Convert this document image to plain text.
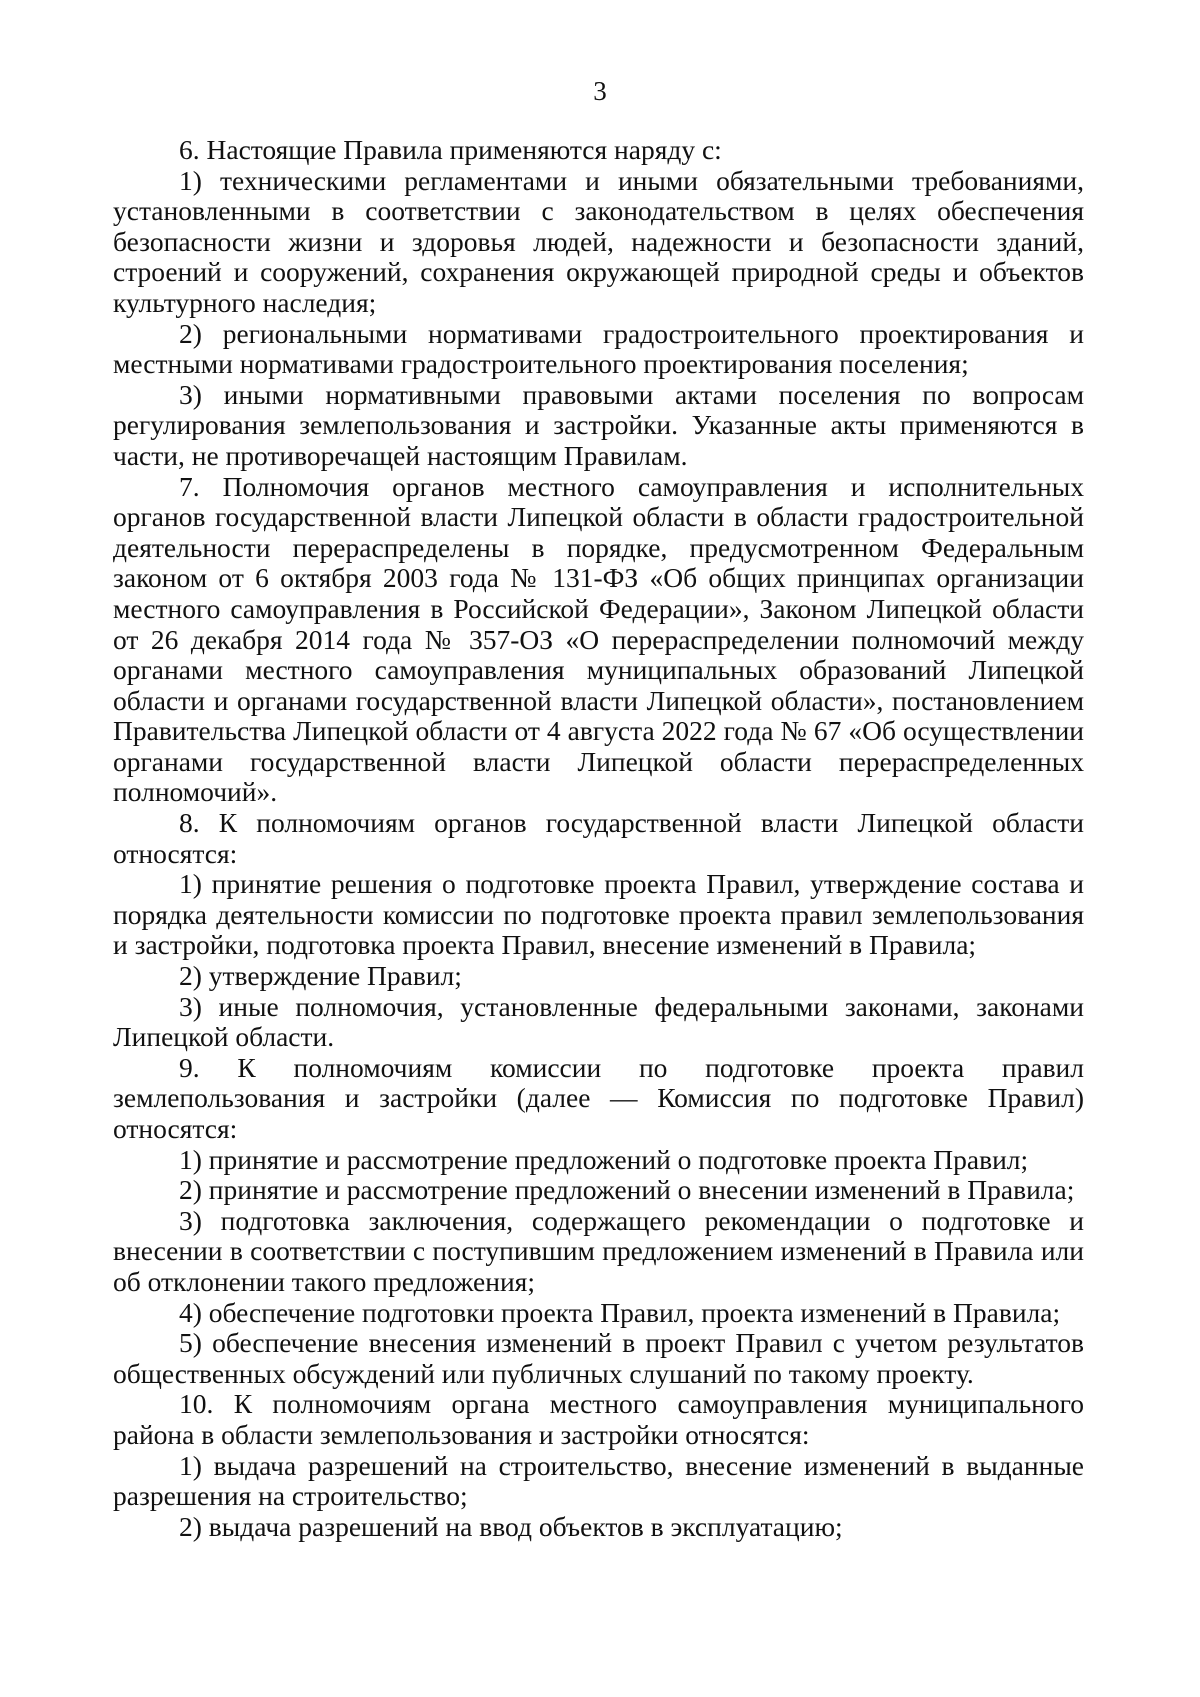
3

6. Настоящие Правила применяются наряду с:

1) техническими регламентами и иными обязательными требованиями, установленными в соответствии с законодательством в целях обеспечения безопасности жизни и здоровья людей, надежности и безопасности зданий, строений и сооружений, сохранения окружающей природной среды и объектов культурного наследия;

2) региональными нормативами градостроительного проектирования и местными нормативами градостроительного проектирования поселения;

3) иными нормативными правовыми актами поселения по вопросам регулирования землепользования и застройки. Указанные акты применяются в части, не противоречащей настоящим Правилам.

7. Полномочия органов местного самоуправления и исполнительных органов государственной власти Липецкой области в области градостроительной деятельности перераспределены в порядке, предусмотренном Федеральным законом от 6 октября 2003 года № 131-ФЗ «Об общих принципах организации местного самоуправления в Российской Федерации», Законом Липецкой области от 26 декабря 2014 года № 357-ОЗ «О перераспределении полномочий между органами местного самоуправления муниципальных образований Липецкой области и органами государственной власти Липецкой области», постановлением Правительства Липецкой области от 4 августа 2022 года № 67 «Об осуществлении органами государственной власти Липецкой области перераспределенных полномочий».

8. К полномочиям органов государственной власти Липецкой области относятся:

1) принятие решения о подготовке проекта Правил, утверждение состава и порядка деятельности комиссии по подготовке проекта правил землепользования и застройки, подготовка проекта Правил, внесение изменений в Правила;

2) утверждение Правил;

3) иные полномочия, установленные федеральными законами, законами Липецкой области.

9. К полномочиям комиссии по подготовке проекта правил землепользования и застройки (далее — Комиссия по подготовке Правил) относятся:

1) принятие и рассмотрение предложений о подготовке проекта Правил;

2) принятие и рассмотрение предложений о внесении изменений в Правила;

3) подготовка заключения, содержащего рекомендации о подготовке и внесении в соответствии с поступившим предложением изменений в Правила или об отклонении такого предложения;

4) обеспечение подготовки проекта Правил, проекта изменений в Правила;

5) обеспечение внесения изменений в проект Правил с учетом результатов общественных обсуждений или публичных слушаний по такому проекту.

10. К полномочиям органа местного самоуправления муниципального района в области землепользования и застройки относятся:

1) выдача разрешений на строительство, внесение изменений в выданные разрешения на строительство;

2) выдача разрешений на ввод объектов в эксплуатацию;
